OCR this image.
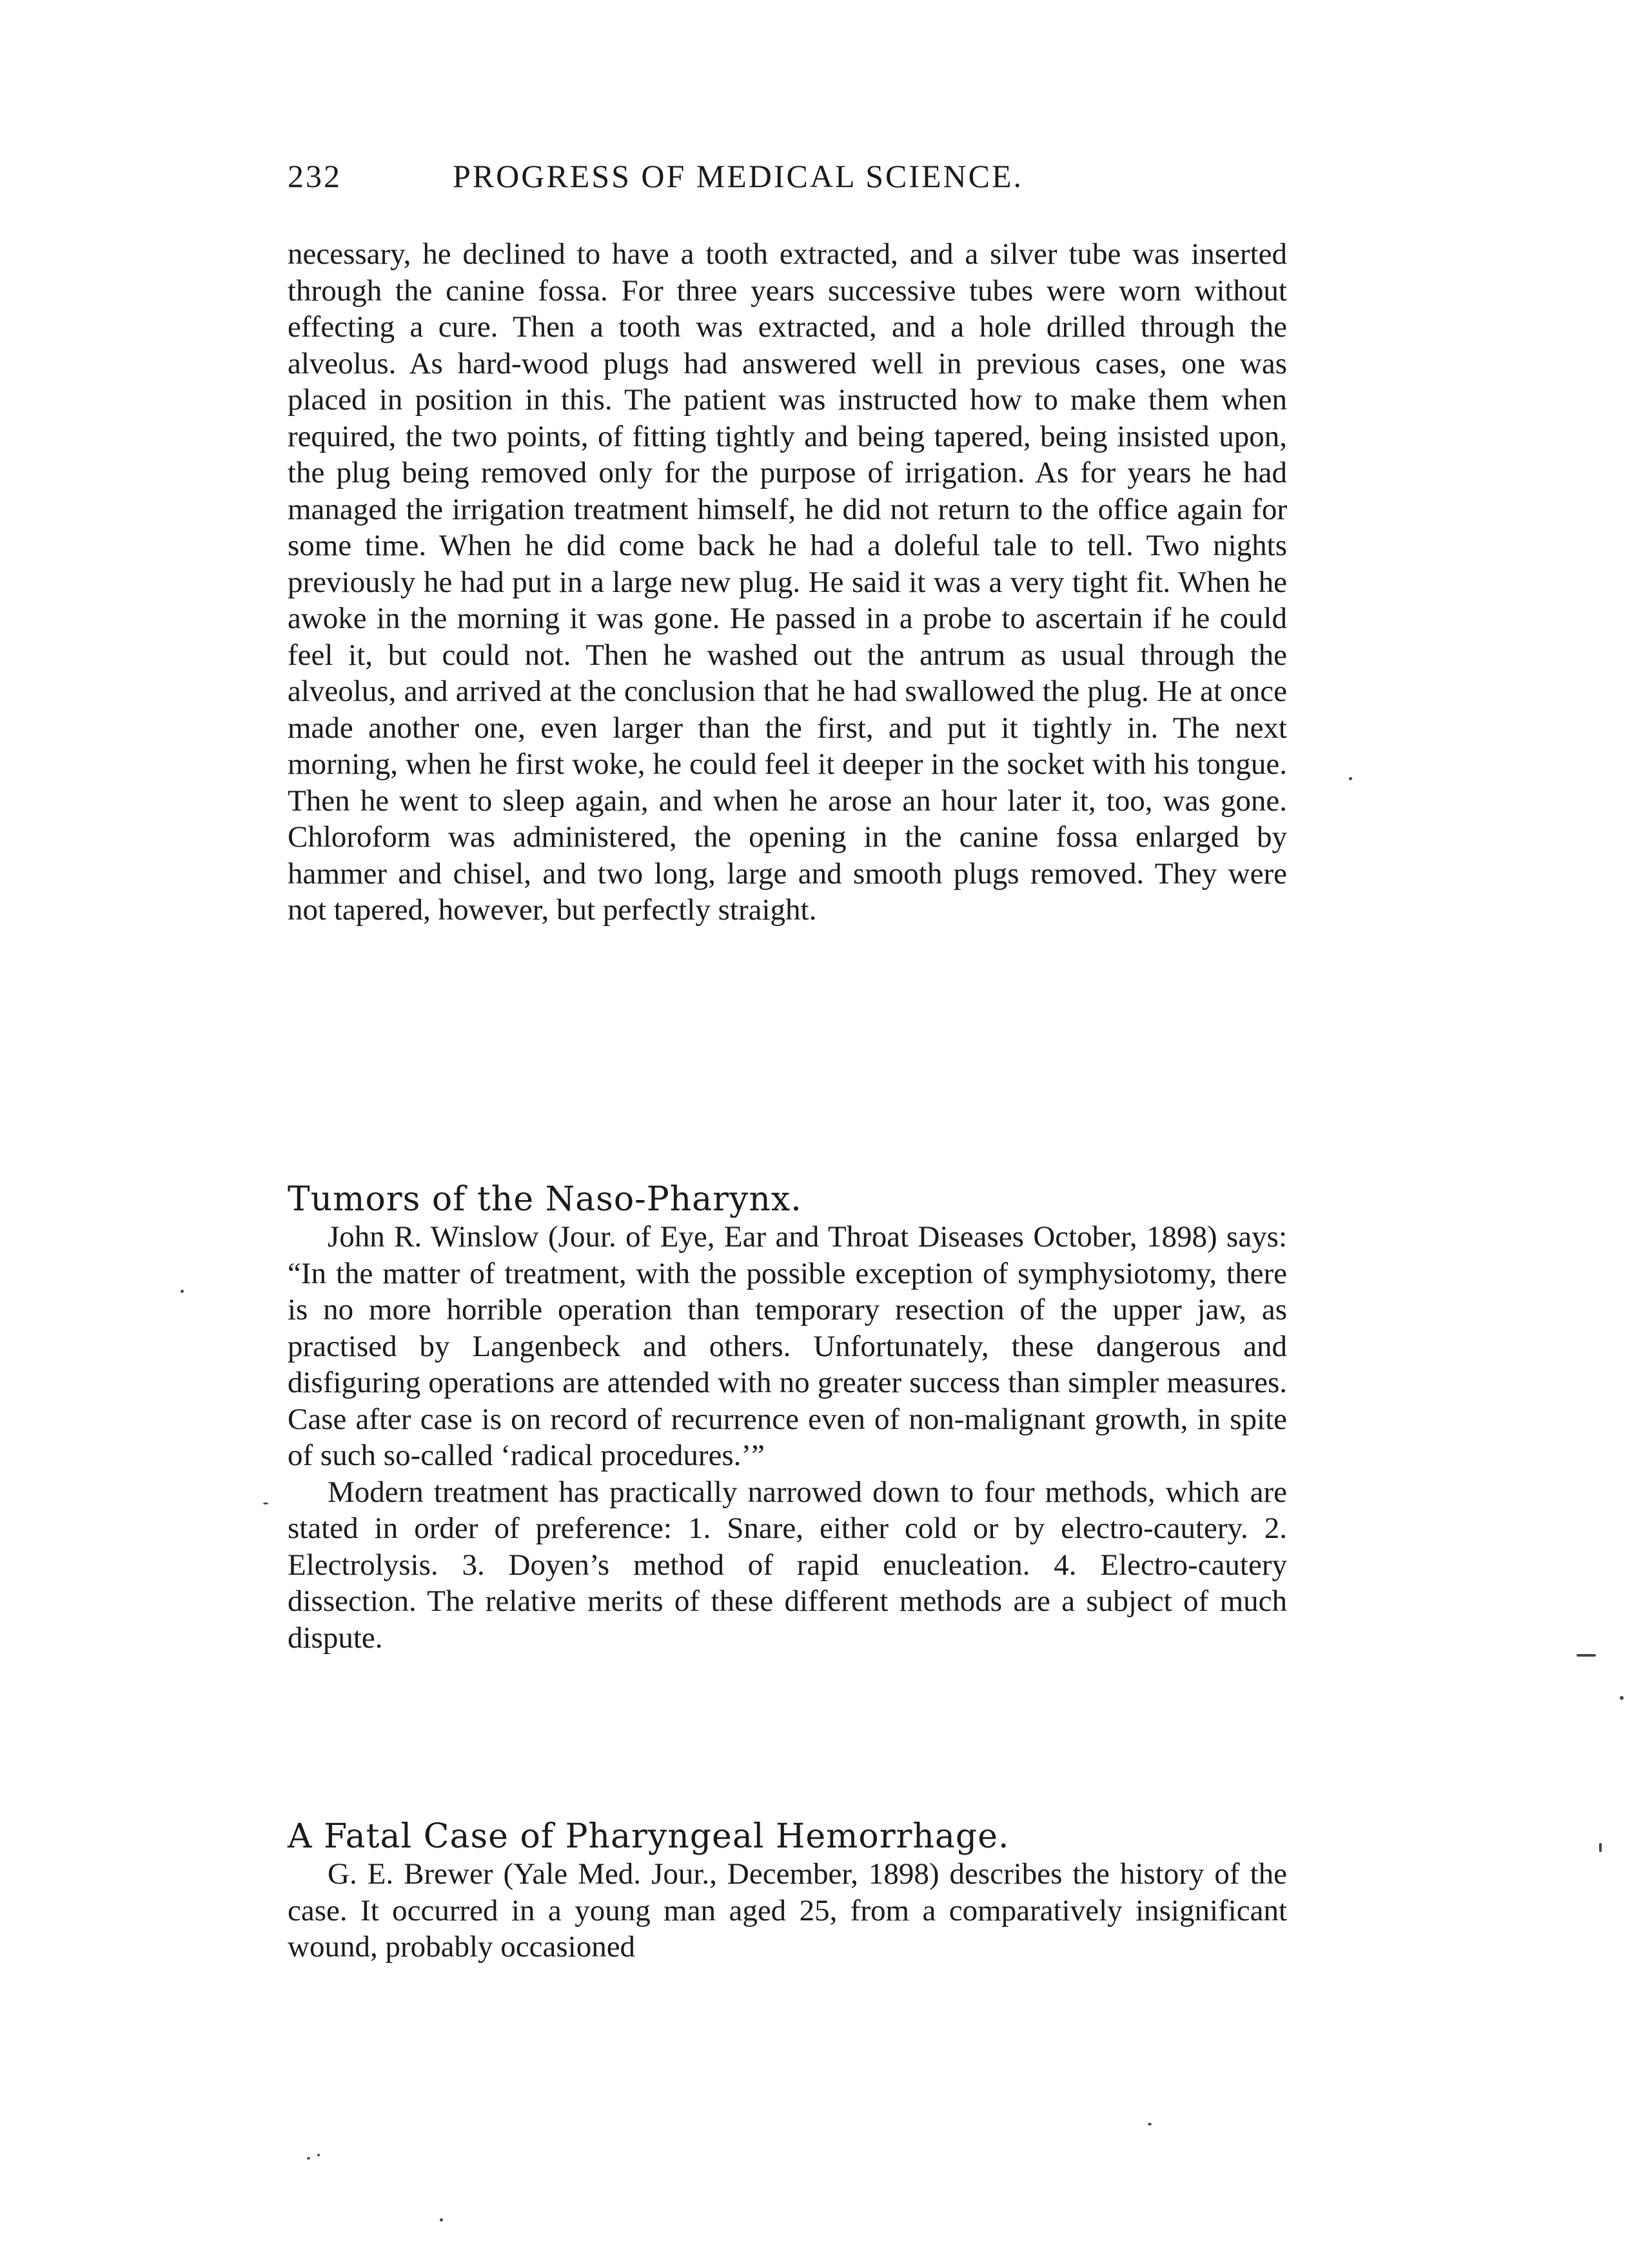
232	PROGRESS OF MEDICAL SCIENCE.

necessary, he declined to have a tooth extracted, and a silver tube was inserted through the canine fossa. For three years successive tubes were worn without effecting a cure. Then a tooth was extracted, and a hole drilled through the alveolus. As hard-wood plugs had answered well in previous cases, one was placed in position in this. The patient was instructed how to make them when required, the two points, of fitting tightly and being tapered, being insisted upon, the plug being removed only for the purpose of irrigation. As for years he had managed the irrigation treatment himself, he did not return to the office again for some time. When he did come back he had a doleful tale to tell. Two nights previously he had put in a large new plug. He said it was a very tight fit. When he awoke in the morning it was gone. He passed in a probe to ascertain if he could feel it, but could not. Then he washed out the antrum as usual through the alveolus, and arrived at the conclusion that he had swallowed the plug. He at once made another one, even larger than the first, and put it tightly in. The next morning, when he first woke, he could feel it deeper in the socket with his tongue. Then he went to sleep again, and when he arose an hour later it, too, was gone. Chloroform was administered, the opening in the canine fossa enlarged by hammer and chisel, and two long, large and smooth plugs removed. They were not tapered, however, but perfectly straight.

Tumors of the Naso-Pharynx.

John R. Winslow (Jour. of Eye, Ear and Throat Diseases October, 1898) says: “In the matter of treatment, with the possible exception of symphysiotomy, there is no more horrible operation than temporary resection of the upper jaw, as practised by Langenbeck and others. Unfortunately, these dangerous and disfiguring operations are attended with no greater success than simpler measures. Case after case is on record of recurrence even of non-malignant growth, in spite of such so-called ‘radical procedures.’”

Modern treatment has practically narrowed down to four methods, which are stated in order of preference: 1. Snare, either cold or by electro-cautery. 2. Electrolysis. 3. Doyen’s method of rapid enucleation. 4. Electro-cautery dissection. The relative merits of these different methods are a subject of much dispute.

A Fatal Case of Pharyngeal Hemorrhage.

G. E. Brewer (Yale Med. Jour., December, 1898) describes the history of the case. It occurred in a young man aged 25, from a comparatively insignificant wound, probably occasioned
